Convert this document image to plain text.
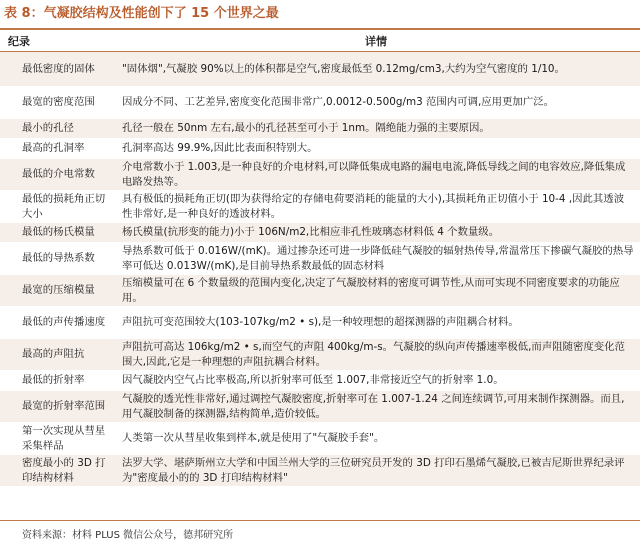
表 8：气凝胶结构及性能创下了 15 个世界之最
纪录	详情
最低密度的固体	"固体烟",气凝胶 90%以上的体积都是空气,密度最低至 0.12mg/cm3,大约为空气密度的 1/10。
最宽的密度范围	因成分不同、工艺差异,密度变化范围非常广,0.0012-0.500g/m3 范围内可调,应用更加广泛。
最小的孔径	孔径一般在 50nm 左右,最小的孔径甚至可小于 1nm。隔绝能力强的主要原因。
最高的孔洞率	孔洞率高达 99.9%,因此比表面积特别大。
最低的介电常数	介电常数小于 1.003,是一种良好的介电材料,可以降低集成电路的漏电电流,降低导线之间的电容效应,降低集成电路发热等。
最低的损耗角正切大小	具有极低的损耗角正切(即为获得给定的存储电荷要消耗的能量的大小),其损耗角正切值小于 10-4 ,因此其透波性非常好,是一种良好的透波材料。
最低的杨氏模量	杨氏模量(抗形变的能力)小于 106N/m2,比相应非孔性玻璃态材料低 4 个数量级。
最低的导热系数	导热系数可低于 0.016W/(mK)。通过掺杂还可进一步降低硅气凝胶的辐射热传导,常温常压下掺碳气凝胶的热导率可低达 0.013W/(mK),是目前导热系数最低的固态材料
最宽的压缩模量	压缩模量可在 6 个数量级的范围内变化,决定了气凝胶材料的密度可调节性,从而可实现不同密度要求的功能应用。
最低的声传播速度	声阻抗可变范围较大(103-107kg/m2 • s),是一种较理想的超探测器的声阻耦合材料。
最高的声阻抗	声阻抗可高达 106kg/m2 • s,而空气的声阻 400kg/m-s。气凝胶的纵向声传播速率极低,而声阻随密度变化范围大,因此,它是一种理想的声阻抗耦合材料。
最低的折射率	因气凝胶内空气占比率极高,所以折射率可低至 1.007,非常接近空气的折射率 1.0。
最宽的折射率范围	气凝胶的透光性非常好,通过调控气凝胶密度,折射率可在 1.007-1.24 之间连续调节,可用来制作探测器。而且,用气凝胶制备的探测器,结构简单,造价较低。
第一次实现从彗星采集样品	人类第一次从彗星收集到样本,就是使用了"气凝胶手套"。
密度最小的 3D 打印结构材料	法罗大学、堪萨斯州立大学和中国兰州大学的三位研究员开发的 3D 打印石墨烯气凝胶,已被吉尼斯世界纪录评为"密度最小的的 3D 打印结构材料"
资料来源：材料 PLUS 微信公众号，德邦研究所
